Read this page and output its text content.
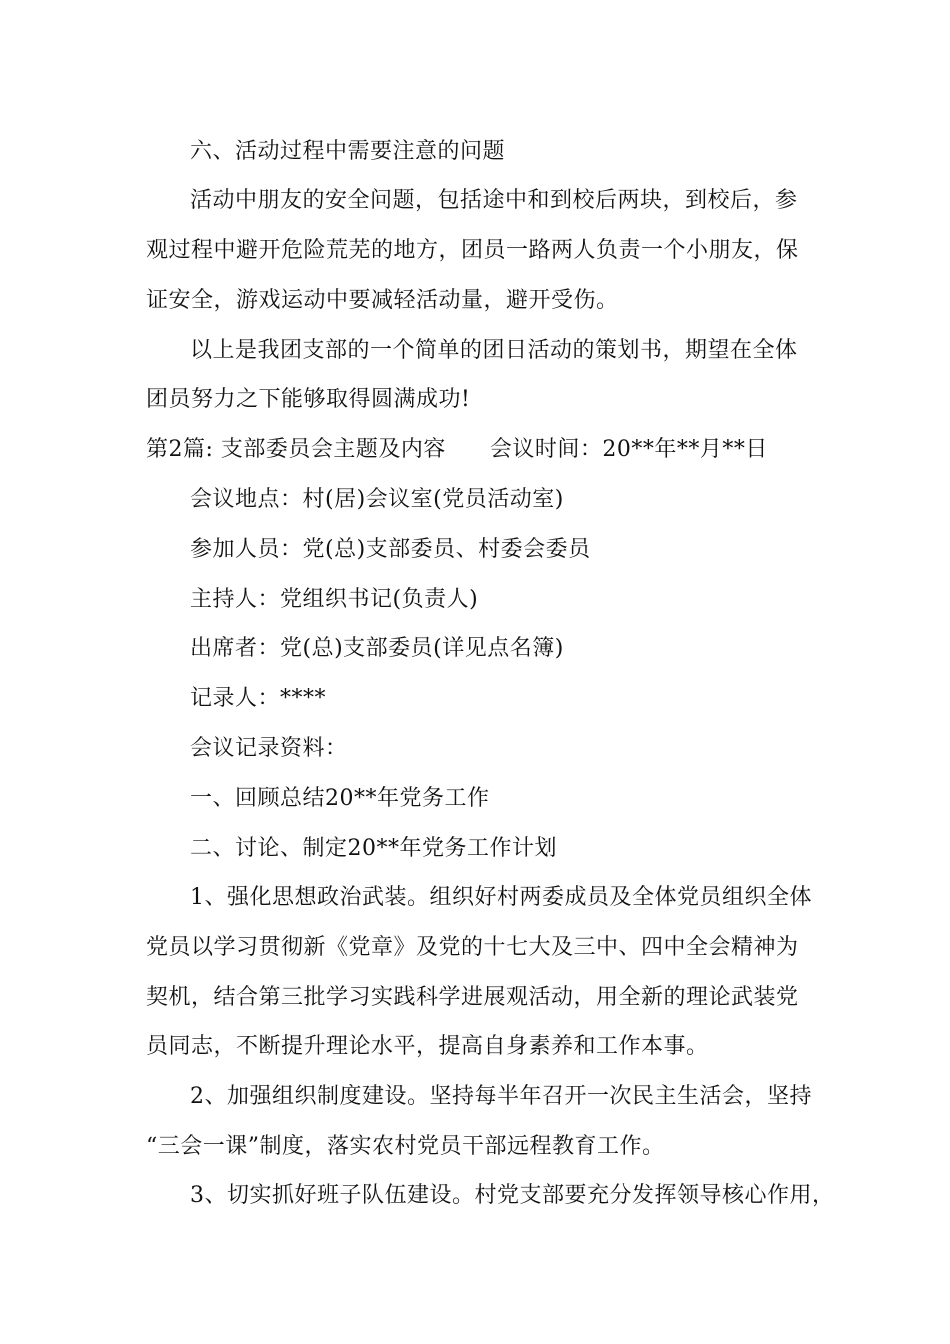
六、活动过程中需要注意的问题
活动中朋友的安全问题，包括途中和到校后两块，到校后，参
观过程中避开危险荒芜的地方，团员一路两人负责一个小朋友，保
证安全，游戏运动中要减轻活动量，避开受伤。
以上是我团支部的一个简单的团日活动的策划书，期望在全体
团员努力之下能够取得圆满成功!
第2篇: 支部委员会主题及内容 会议时间：20**年**月**日
会议地点：村(居)会议室(党员活动室)
参加人员：党(总)支部委员、村委会委员
主持人：党组织书记(负责人)
出席者：党(总)支部委员(详见点名簿)
记录人：****
会议记录资料：
一、回顾总结20**年党务工作
二、讨论、制定20**年党务工作计划
1、强化思想政治武装。组织好村两委成员及全体党员组织全体
党员以学习贯彻新《党章》及党的十七大及三中、四中全会精神为
契机，结合第三批学习实践科学进展观活动，用全新的理论武装党
员同志，不断提升理论水平，提高自身素养和工作本事。
2、加强组织制度建设。坚持每半年召开一次民主生活会，坚持
“三会一课”制度，落实农村党员干部远程教育工作。
3、切实抓好班子队伍建设。村党支部要充分发挥领导核心作用，
